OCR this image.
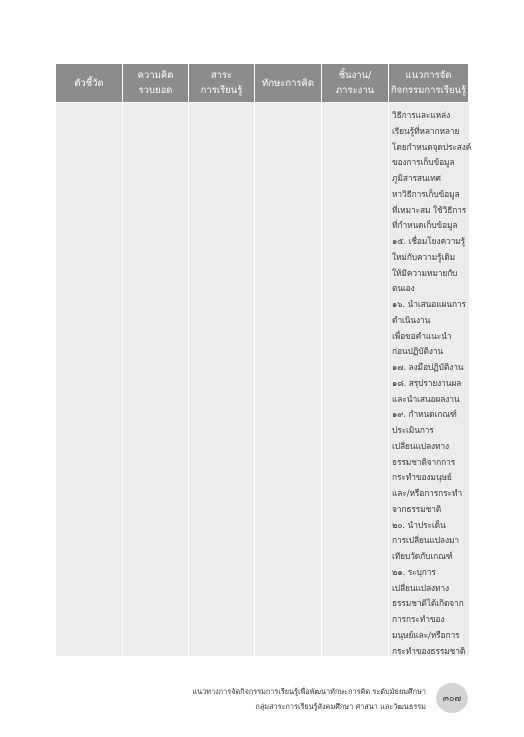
ตัวชี้วัด
ความคิด
รวบยอด
สาระ
การเรียนรู้
ทักษะการคิด
ชิ้นงาน/
ภาระงาน
แนวการจัด
กิจกรรมการเรียนรู้
วิธีการและแหล่ง
เรียนรู้ที่หลากหลาย
โดยกำหนดจุดประสงค์
ของการเก็บข้อมูล
ภูมิสารสนเทศ
หาวิธีการเก็บข้อมูล
ที่เหมาะสม ใช้วิธีการ
ที่กำหนดเก็บข้อมูล
๑๕. เชื่อมโยงความรู้
ใหม่กับความรู้เดิม
ให้มีความหมายกับ
ตนเอง
๑๖. นำเสนอแผนการ
ดำเนินงาน
เพื่อขอคำแนะนำ
ก่อนปฏิบัติงาน
๑๗. ลงมือปฏิบัติงาน
๑๘. สรุปรายงานผล
และนำเสนอผลงาน
๑๙. กำหนดเกณฑ์
ประเมินการ
เปลี่ยนแปลงทาง
ธรรมชาติจากการ
กระทำของมนุษย์
และ/หรือการกระทำ
จากธรรมชาติ
๒๐. นำประเด็น
การเปลี่ยนแปลงมา
เทียบวัดกับเกณฑ์
๒๑. ระบุการ
เปลี่ยนแปลงทาง
ธรรมชาติได้เกิดจาก
การกระทำของ
มนุษย์และ/หรือการ
กระทำของธรรมชาติ
แนวทางการจัดกิจกรรมการเรียนรู้เพื่อพัฒนาทักษะการคิด ระดับมัธยมศึกษา
กลุ่มสาระการเรียนรู้สังคมศึกษา ศาสนา และวัฒนธรรม
๓๐๗
